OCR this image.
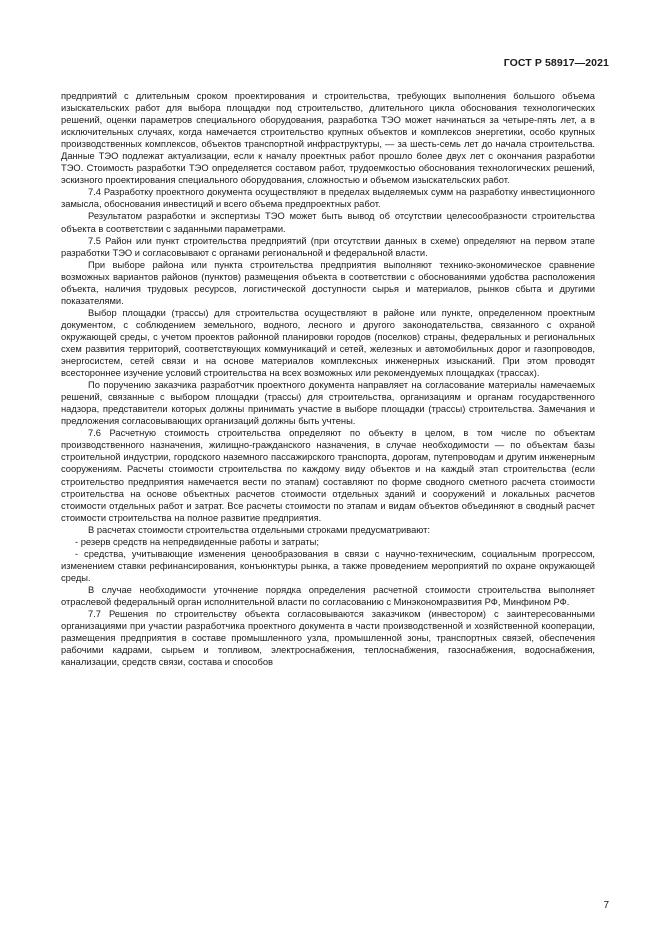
ГОСТ Р 58917—2021

предприятий с длительным сроком проектирования и строительства, требующих выполнения большого объема изыскательских работ для выбора площадки под строительство, длительного цикла обоснования технологических решений, оценки параметров специального оборудования, разработка ТЭО может начинаться за четыре-пять лет, а в исключительных случаях, когда намечается строительство крупных объектов и комплексов энергетики, особо крупных производственных комплексов, объектов транспортной инфраструктуры, — за шесть-семь лет до начала строительства. Данные ТЭО подлежат актуализации, если к началу проектных работ прошло более двух лет с окончания разработки ТЭО. Стоимость разработки ТЭО определяется составом работ, трудоемкостью обоснования технологических решений, эскизного проектирования специального оборудования, сложностью и объемом изыскательских работ.

7.4 Разработку проектного документа осуществляют в пределах выделяемых сумм на разработку инвестиционного замысла, обоснования инвестиций и всего объема предпроектных работ.

Результатом разработки и экспертизы ТЭО может быть вывод об отсутствии целесообразности строительства объекта в соответствии с заданными параметрами.

7.5 Район или пункт строительства предприятий (при отсутствии данных в схеме) определяют на первом этапе разработки ТЭО и согласовывают с органами региональной и федеральной власти.

При выборе района или пункта строительства предприятия выполняют технико-экономическое сравнение возможных вариантов районов (пунктов) размещения объекта в соответствии с обоснованиями удобства расположения объекта, наличия трудовых ресурсов, логистической доступности сырья и материалов, рынков сбыта и другими показателями.

Выбор площадки (трассы) для строительства осуществляют в районе или пункте, определенном проектным документом, с соблюдением земельного, водного, лесного и другого законодательства, связанного с охраной окружающей среды, с учетом проектов районной планировки городов (поселков) страны, федеральных и региональных схем развития территорий, соответствующих коммуникаций и сетей, железных и автомобильных дорог и газопроводов, энергосистем, сетей связи и на основе материалов комплексных инженерных изысканий. При этом проводят всестороннее изучение условий строительства на всех возможных или рекомендуемых площадках (трассах).

По поручению заказчика разработчик проектного документа направляет на согласование материалы намечаемых решений, связанные с выбором площадки (трассы) для строительства, организациям и органам государственного надзора, представители которых должны принимать участие в выборе площадки (трассы) строительства. Замечания и предложения согласовывающих организаций должны быть учтены.

7.6 Расчетную стоимость строительства определяют по объекту в целом, в том числе по объектам производственного назначения, жилищно-гражданского назначения, в случае необходимости — по объектам базы строительной индустрии, городского наземного пассажирского транспорта, дорогам, путепроводам и другим инженерным сооружениям. Расчеты стоимости строительства по каждому виду объектов и на каждый этап строительства (если строительство предприятия намечается вести по этапам) составляют по форме сводного сметного расчета стоимости строительства на основе объектных расчетов стоимости отдельных зданий и сооружений и локальных расчетов стоимости отдельных работ и затрат. Все расчеты стоимости по этапам и видам объектов объединяют в сводный расчет стоимости строительства на полное развитие предприятия.

В расчетах стоимости строительства отдельными строками предусматривают:

- резерв средств на непредвиденные работы и затраты;

- средства, учитывающие изменения ценообразования в связи с научно-техническим, социальным прогрессом, изменением ставки рефинансирования, конъюнктуры рынка, а также проведением мероприятий по охране окружающей среды.

В случае необходимости уточнение порядка определения расчетной стоимости строительства выполняет отраслевой федеральный орган исполнительной власти по согласованию с Минэкономразвития РФ, Минфином РФ.

7.7 Решения по строительству объекта согласовываются заказчиком (инвестором) с заинтересованными организациями при участии разработчика проектного документа в части производственной и хозяйственной кооперации, размещения предприятия в составе промышленного узла, промышленной зоны, транспортных связей, обеспечения рабочими кадрами, сырьем и топливом, электроснабжения, теплоснабжения, газоснабжения, водоснабжения, канализации, средств связи, состава и способов

7
